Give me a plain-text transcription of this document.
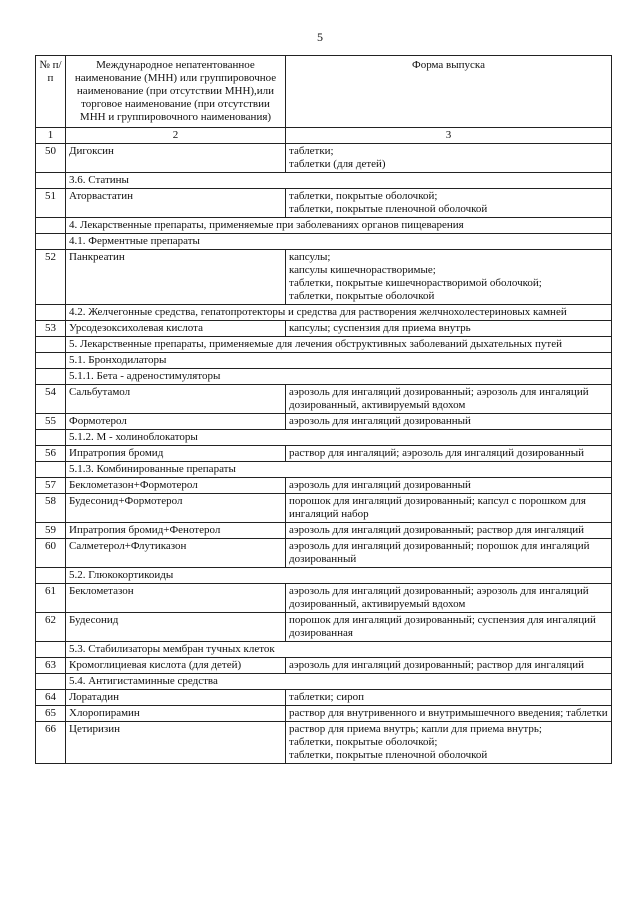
5
№ п/п	Международное непатентованное наименование (МНН) или группировочное наименование (при отсутствии МНН),или торговое наименование (при отсутствии МНН и группировочного наименования)	Форма выпуска
1	2	3
50	Дигоксин	таблетки;
таблетки (для детей)

	3.6. Статины	
51	Аторвастатин	таблетки, покрытые оболочкой;
таблетки, покрытые пленочной оболочкой

	4. Лекарственные препараты, применяемые при заболеваниях органов пищеварения	
	4.1. Ферментные препараты	
52	Панкреатин	капсулы;
капсулы кишечнорастворимые;
таблетки, покрытые кишечнорастворимой оболочкой;
таблетки, покрытые оболочкой

	4.2. Желчегонные средства, гепатопротекторы и средства для растворения желчнохолестериновых камней	
53	Урсодезоксихолевая кислота	капсулы; суспензия для приема внутрь

	5. Лекарственные препараты, применяемые для лечения обструктивных заболеваний дыхательных путей	
	5.1. Бронходилаторы	
	5.1.1. Бета - адреностимуляторы	
54	Сальбутамол	аэрозоль для ингаляций дозированный; аэрозоль для ингаляций дозированный, активируемый вдохом

55	Формотерол	аэрозоль для ингаляций дозированный

	5.1.2. М - холиноблокаторы	
56	Ипратропия бромид	раствор для ингаляций; аэрозоль для ингаляций дозированный

	5.1.3. Комбинированные препараты	
57	Беклометазон+Формотерол	аэрозоль для ингаляций дозированный

58	Будесонид+Формотерол	порошок для ингаляций дозированный; капсул с порошком для ингаляций набор

59	Ипратропия бромид+Фенотерол	аэрозоль для ингаляций дозированный; раствор для ингаляций

60	Салметерол+Флутиказон	аэрозоль для ингаляций дозированный; порошок для ингаляций дозированный

	5.2. Глюкокортикоиды	
61	Беклометазон	аэрозоль для ингаляций дозированный; аэрозоль для ингаляций дозированный, активируемый вдохом

62	Будесонид	порошок для ингаляций дозированный; суспензия для ингаляций дозированная

	5.3. Стабилизаторы мембран тучных клеток	
63	Кромоглициевая кислота (для детей)	аэрозоль для ингаляций дозированный; раствор для ингаляций

	5.4. Антигистаминные средства	
64	Лоратадин	таблетки; сироп

65	Хлоропирамин	раствор для внутривенного и внутримышечного введения; таблетки

66	Цетиризин	раствор для приема внутрь; капли для приема внутрь;
таблетки, покрытые оболочкой;
таблетки, покрытые пленочной оболочкой
